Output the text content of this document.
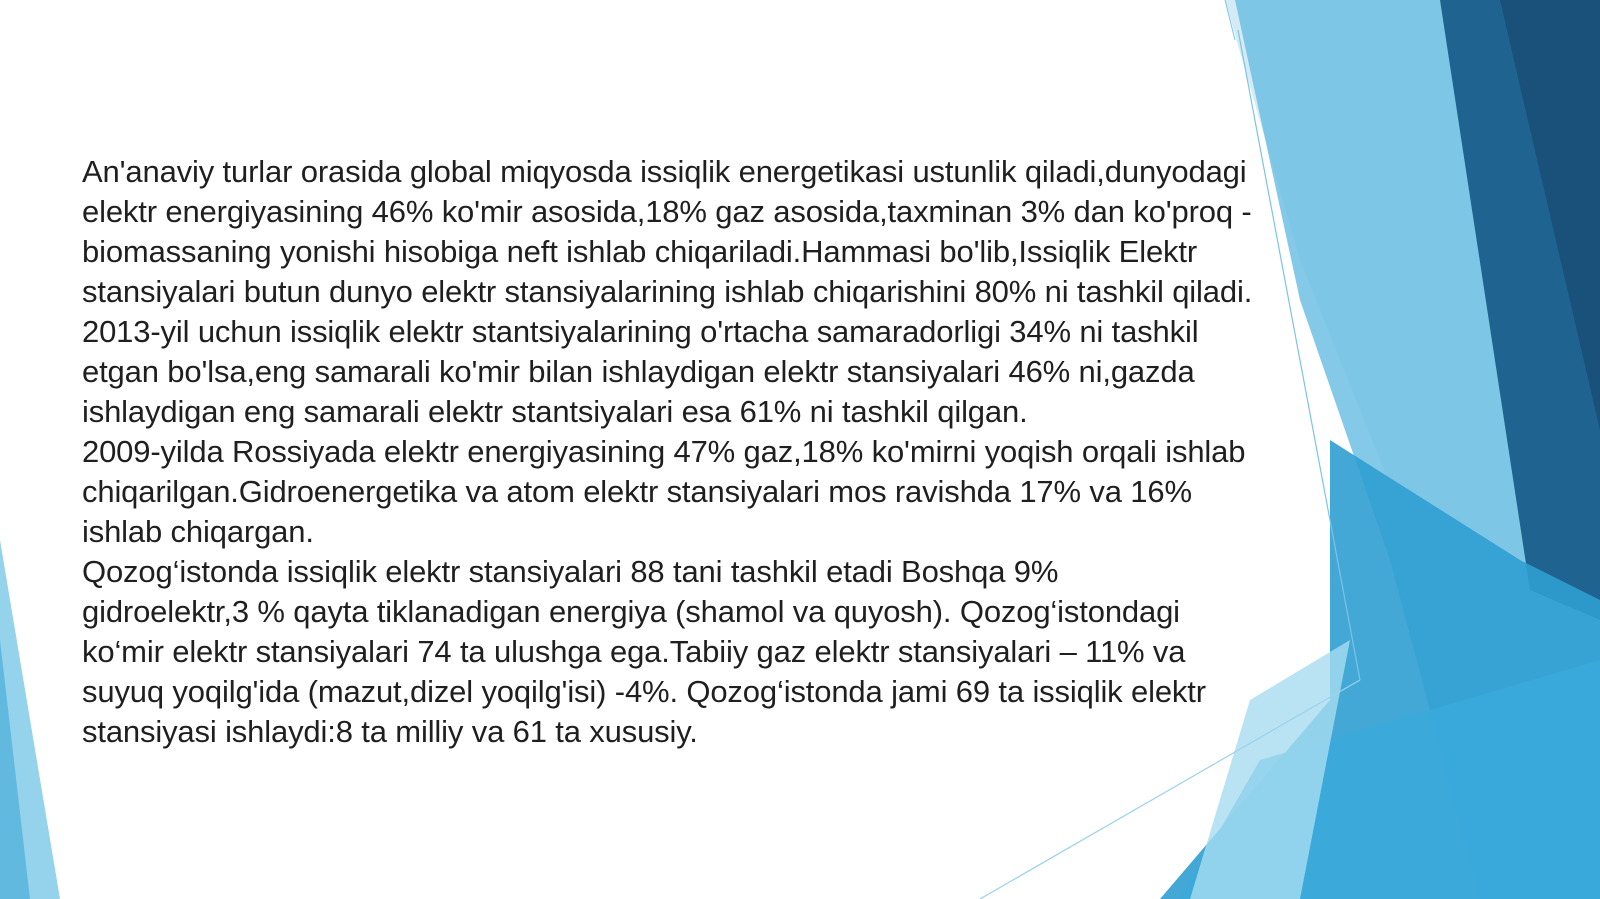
An'anaviy turlar orasida global miqyosda issiqlik energetikasi ustunlik qiladi,dunyodagi
elektr energiyasining 46% ko'mir asosida,18% gaz asosida,taxminan 3% dan ko'proq -
biomassaning yonishi hisobiga neft ishlab chiqariladi.Hammasi bo'lib,Issiqlik Elektr
stansiyalari butun dunyo elektr stansiyalarining ishlab chiqarishini 80% ni tashkil qiladi.
2013-yil uchun issiqlik elektr stantsiyalarining o'rtacha samaradorligi 34% ni tashkil
etgan bo'lsa,eng samarali ko'mir bilan ishlaydigan elektr stansiyalari 46% ni,gazda
ishlaydigan eng samarali elektr stantsiyalari esa 61% ni tashkil qilgan.
2009-yilda Rossiyada elektr energiyasining 47% gaz,18% ko'mirni yoqish orqali ishlab
chiqarilgan.Gidroenergetika va atom elektr stansiyalari mos ravishda 17% va 16%
ishlab chiqargan.
Qozog‘istonda issiqlik elektr stansiyalari 88 tani tashkil etadi Boshqa 9%
gidroelektr,3 % qayta tiklanadigan energiya (shamol va quyosh). Qozog‘istondagi
ko‘mir elektr stansiyalari 74 ta ulushga ega.Tabiiy gaz elektr stansiyalari – 11% va
suyuq yoqilg'ida (mazut,dizel yoqilg'isi) -4%. Qozog‘istonda jami 69 ta issiqlik elektr
stansiyasi ishlaydi:8 ta milliy va 61 ta xususiy.
